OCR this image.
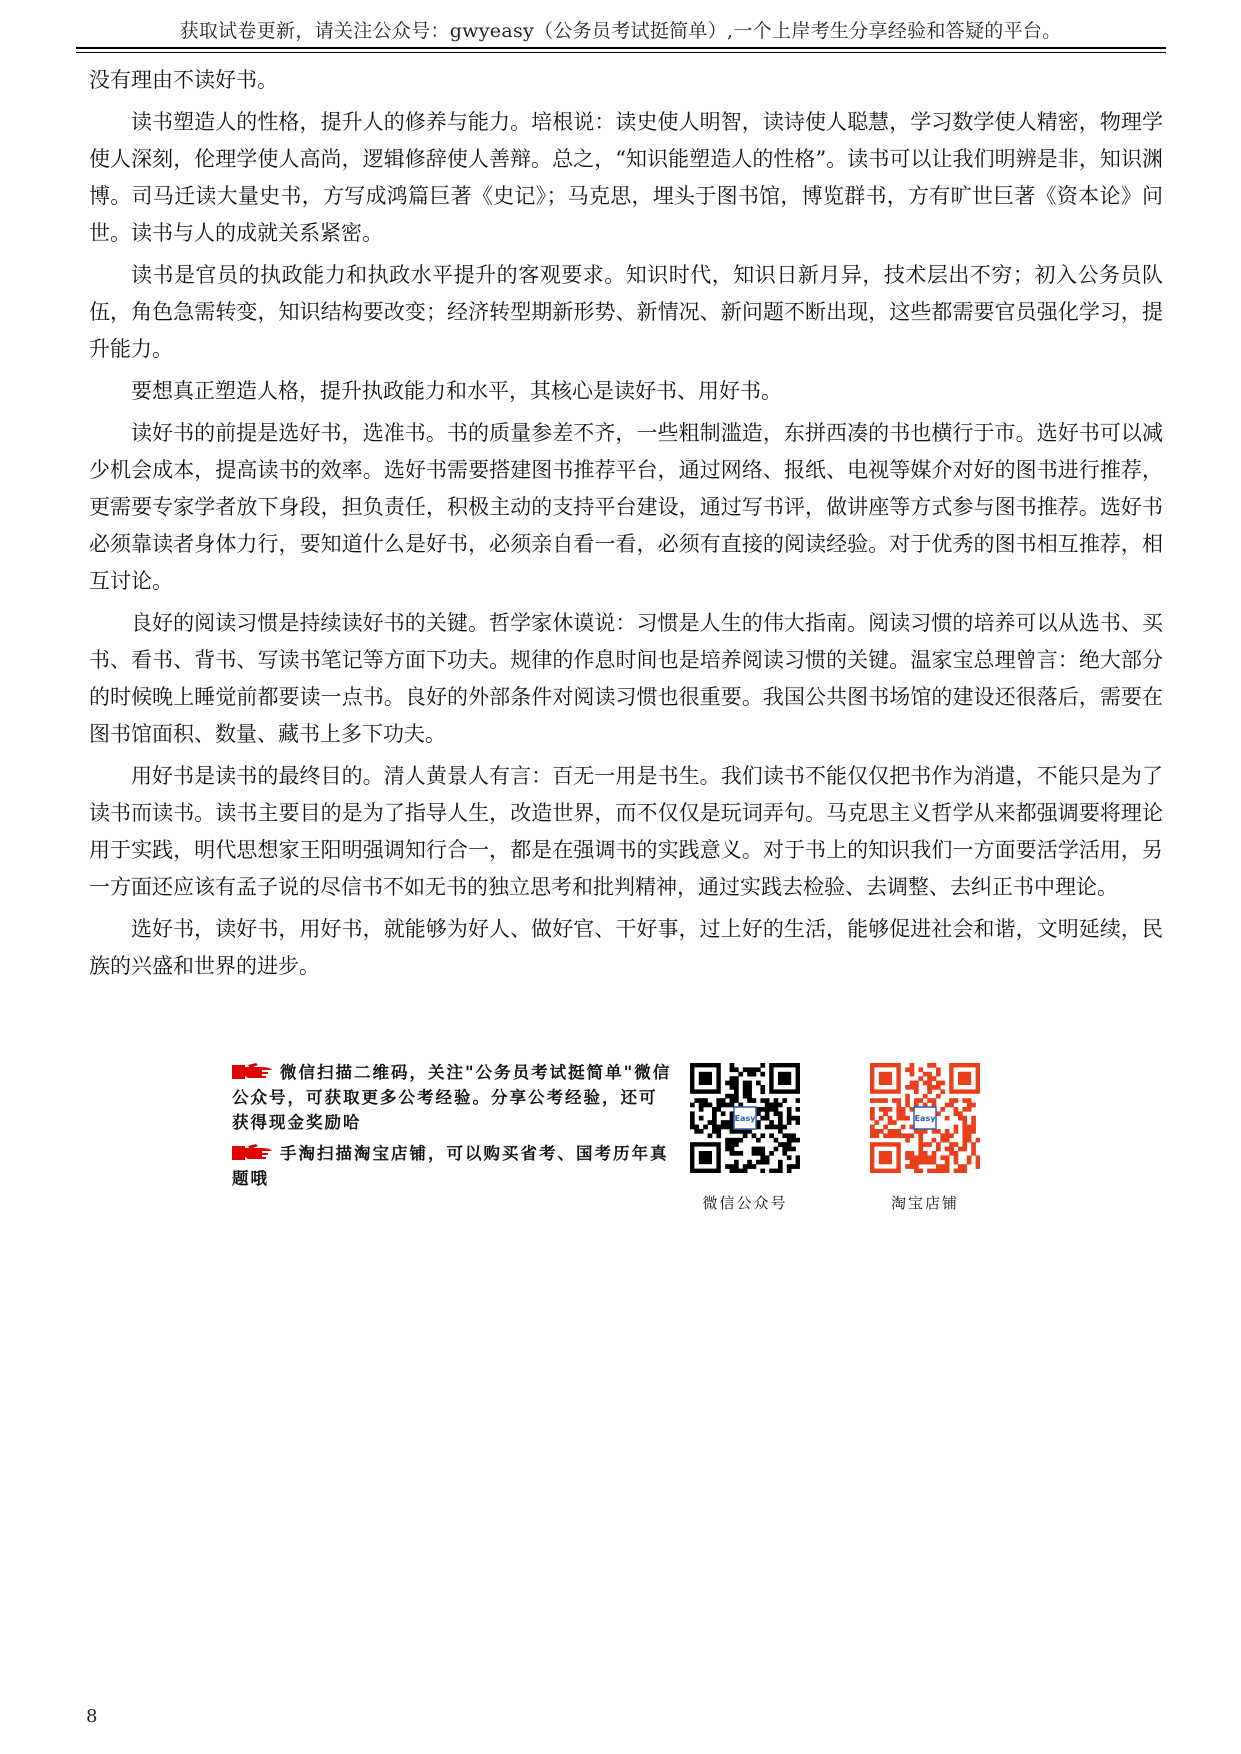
获取试卷更新，请关注公众号：gwyeasy（公务员考试挺简单）,一个上岸考生分享经验和答疑的平台。

没有理由不读好书。

读书塑造人的性格，提升人的修养与能力。培根说：读史使人明智，读诗使人聪慧，学习数学使人精密，物理学使人深刻，伦理学使人高尚，逻辑修辞使人善辩。总之，“知识能塑造人的性格”。读书可以让我们明辨是非，知识渊博。司马迁读大量史书，方写成鸿篇巨著《史记》；马克思，埋头于图书馆，博览群书，方有旷世巨著《资本论》问世。读书与人的成就关系紧密。

读书是官员的执政能力和执政水平提升的客观要求。知识时代，知识日新月异，技术层出不穷；初入公务员队伍，角色急需转变，知识结构要改变；经济转型期新形势、新情况、新问题不断出现，这些都需要官员强化学习，提升能力。

要想真正塑造人格，提升执政能力和水平，其核心是读好书、用好书。

读好书的前提是选好书，选准书。书的质量参差不齐，一些粗制滥造，东拼西凑的书也横行于市。选好书可以减少机会成本，提高读书的效率。选好书需要搭建图书推荐平台，通过网络、报纸、电视等媒介对好的图书进行推荐，更需要专家学者放下身段，担负责任，积极主动的支持平台建设，通过写书评，做讲座等方式参与图书推荐。选好书必须靠读者身体力行，要知道什么是好书，必须亲自看一看，必须有直接的阅读经验。对于优秀的图书相互推荐，相互讨论。

良好的阅读习惯是持续读好书的关键。哲学家休谟说：习惯是人生的伟大指南。阅读习惯的培养可以从选书、买书、看书、背书、写读书笔记等方面下功夫。规律的作息时间也是培养阅读习惯的关键。温家宝总理曾言：绝大部分的时候晚上睡觉前都要读一点书。良好的外部条件对阅读习惯也很重要。我国公共图书场馆的建设还很落后，需要在图书馆面积、数量、藏书上多下功夫。

用好书是读书的最终目的。清人黄景人有言：百无一用是书生。我们读书不能仅仅把书作为消遣，不能只是为了读书而读书。读书主要目的是为了指导人生，改造世界，而不仅仅是玩词弄句。马克思主义哲学从来都强调要将理论用于实践，明代思想家王阳明强调知行合一，都是在强调书的实践意义。对于书上的知识我们一方面要活学活用，另一方面还应该有孟子说的尽信书不如无书的独立思考和批判精神，通过实践去检验、去调整、去纠正书中理论。

选好书，读好书，用好书，就能够为好人、做好官、干好事，过上好的生活，能够促进社会和谐，文明延续，民族的兴盛和世界的进步。

微信扫描二维码，关注"公务员考试挺简单"微信公众号，可获取更多公考经验。分享公考经验，还可获得现金奖励哈
手淘扫描淘宝店铺，可以购买省考、国考历年真题哦
Easy
微信公众号
Easy
淘宝店铺
8
